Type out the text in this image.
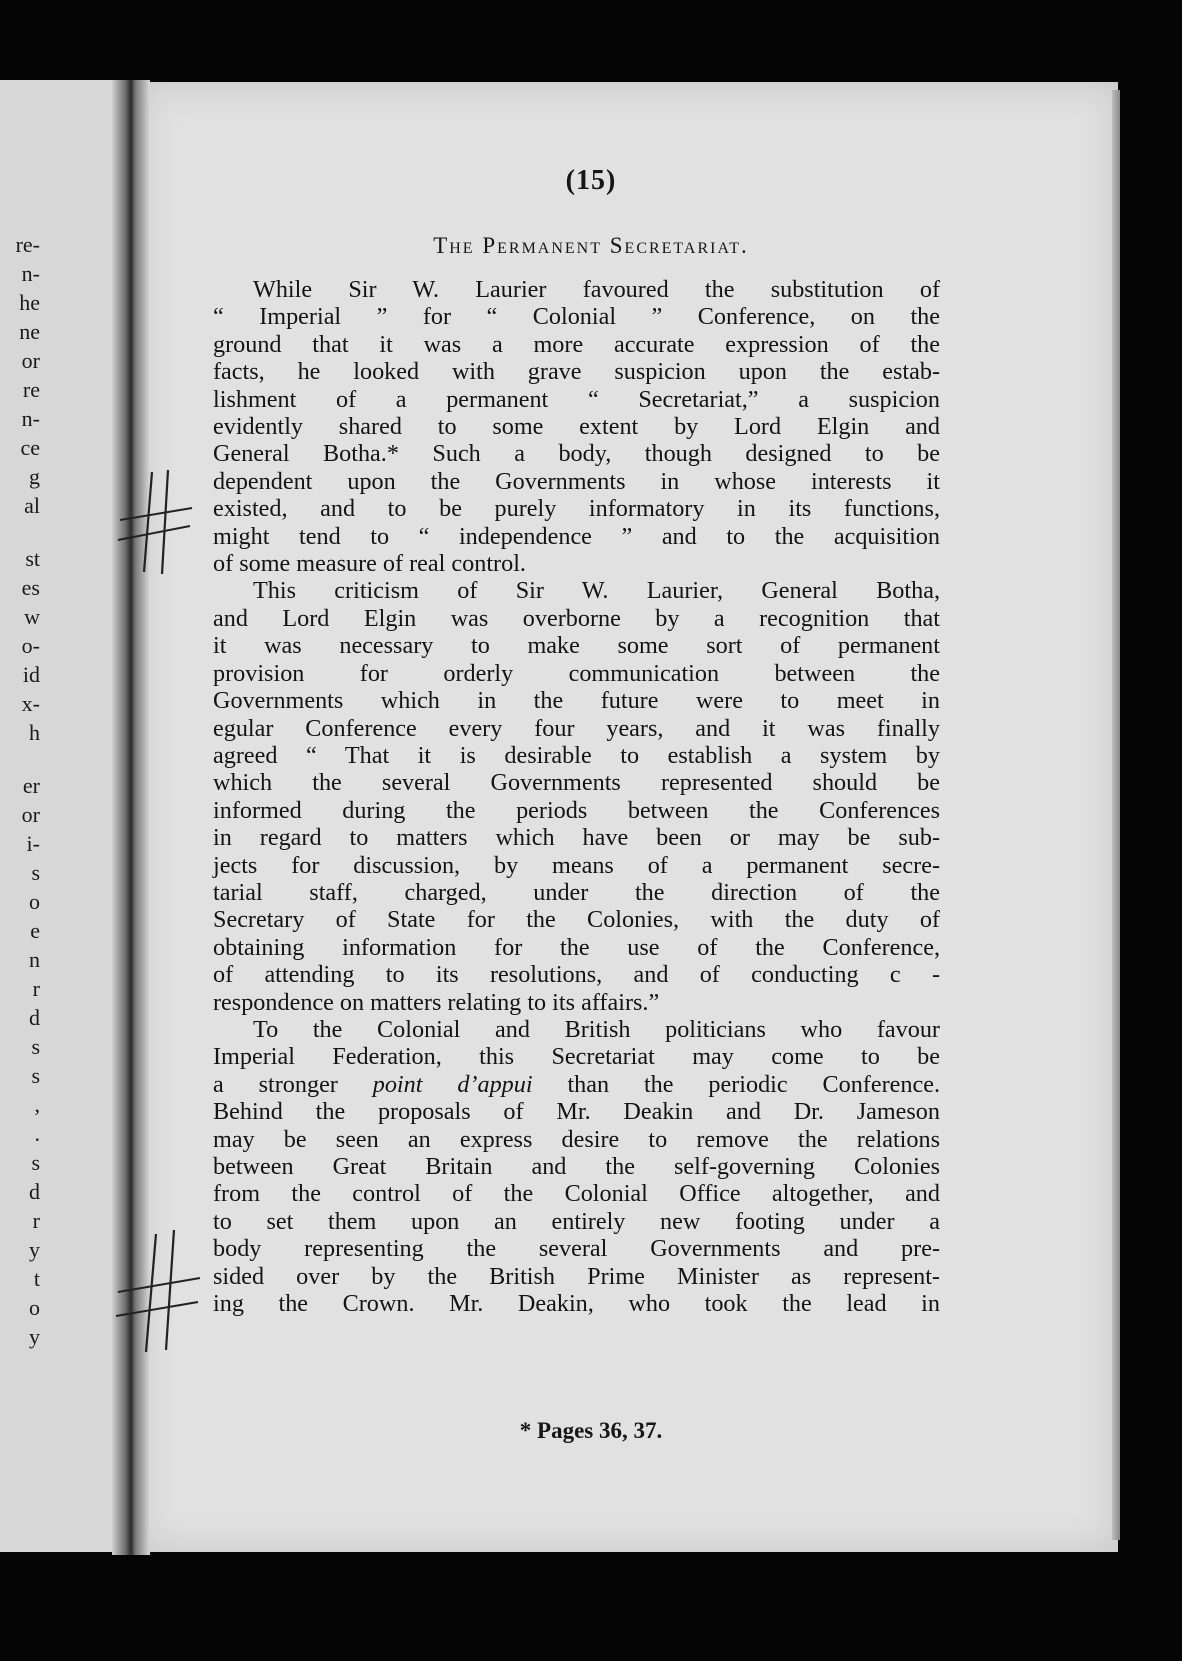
re-
n-
he
ne
or
re
n-
ce
g
al
st
es
w
o-
id
x-
h
er
or
i-
s
o
e
n
r
d
s
s
,
.
s
d
r
y
t
o
y
(15)
The Permanent Secretariat.
While Sir W. Laurier favoured the substitution of
“ Imperial ” for “ Colonial ” Conference, on the
ground that it was a more accurate expression of the
facts, he looked with grave suspicion upon the estab-
lishment of a permanent “ Secretariat,” a suspicion
evidently shared to some extent by Lord Elgin and
General Botha.* Such a body, though designed to be
dependent upon the Governments in whose interests it
existed, and to be purely informatory in its functions,
might tend to “ independence ” and to the acquisition
of some measure of real control.
This criticism of Sir W. Laurier, General Botha,
and Lord Elgin was overborne by a recognition that
it was necessary to make some sort of permanent
provision for orderly communication between the
Governments which in the future were to meet in
egular Conference every four years, and it was finally
agreed “ That it is desirable to establish a system by
which the several Governments represented should be
informed during the periods between the Conferences
in regard to matters which have been or may be sub-
jects for discussion, by means of a permanent secre-
tarial staff, charged, under the direction of the
Secretary of State for the Colonies, with the duty of
obtaining information for the use of the Conference,
of attending to its resolutions, and of conducting c -
respondence on matters relating to its affairs.”
To the Colonial and British politicians who favour
Imperial Federation, this Secretariat may come to be
a stronger point d’appui than the periodic Conference.
Behind the proposals of Mr. Deakin and Dr. Jameson
may be seen an express desire to remove the relations
between Great Britain and the self-governing Colonies
from the control of the Colonial Office altogether, and
to set them upon an entirely new footing under a
body representing the several Governments and pre-
sided over by the British Prime Minister as represent-
ing the Crown. Mr. Deakin, who took the lead in
* Pages 36, 37.
